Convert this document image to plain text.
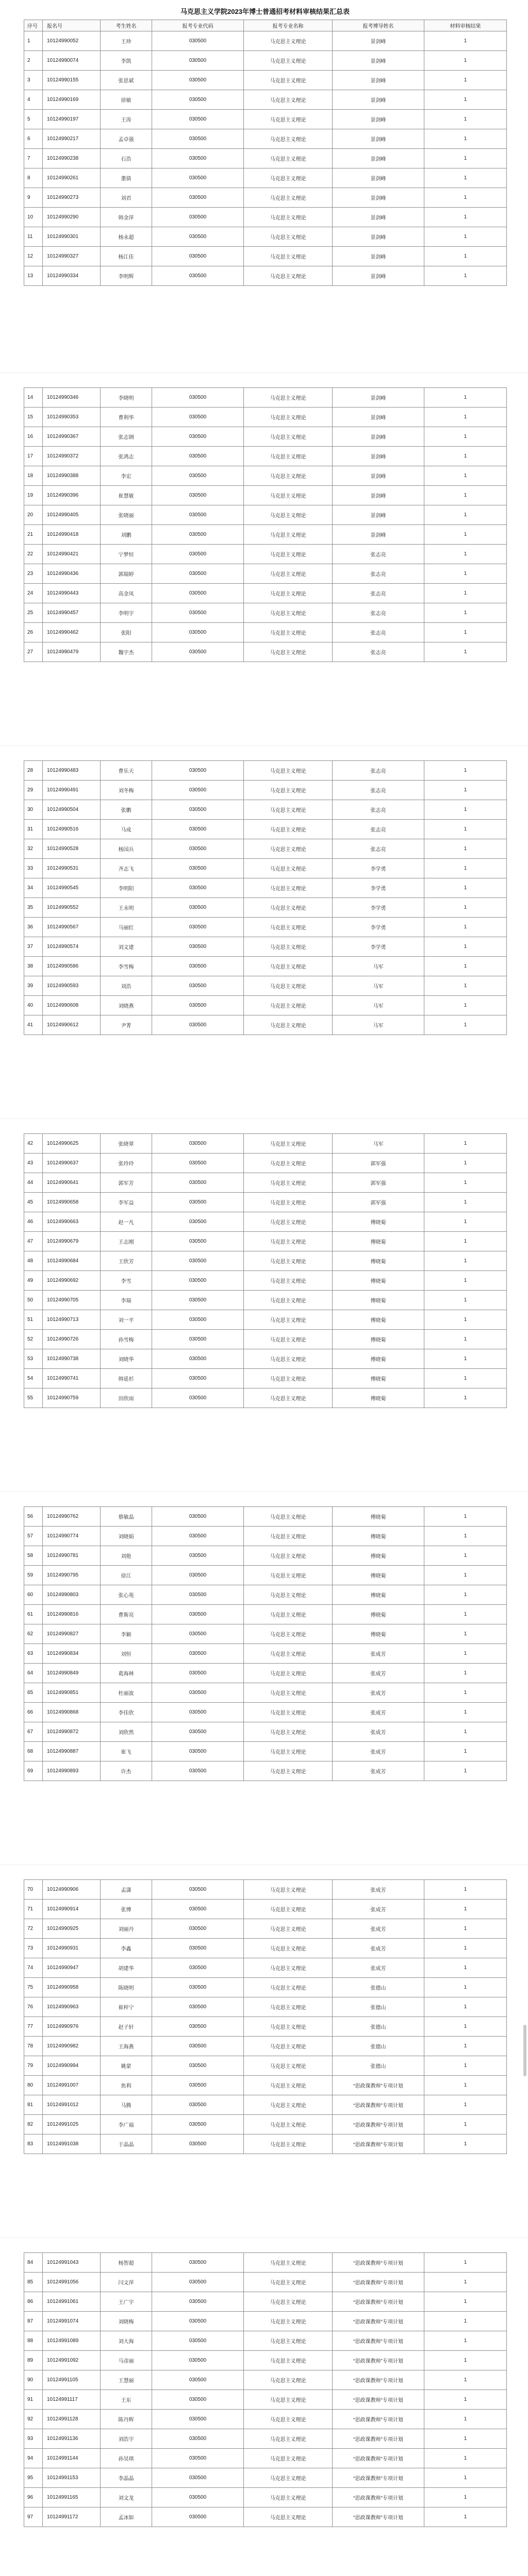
马克思主义学院2023年博士普通招考材料审核结果汇总表
序号	报名号	考生姓名	报考专业代码	报考专业名称	报考博导姓名	材料审核结果
1	10124990052	王珍	030500	马克思主义理论	景剑峰	1
2	10124990074	李凯	030500	马克思主义理论	景剑峰	1
3	10124990155	张思斌	030500	马克思主义理论	景剑峰	1
4	10124990169	徐敏	030500	马克思主义理论	景剑峰	1
5	10124990197	王涛	030500	马克思主义理论	景剑峰	1
6	10124990217	孟卓强	030500	马克思主义理论	景剑峰	1
7	10124990238	石浩	030500	马克思主义理论	景剑峰	1
8	10124990261	董倩	030500	马克思主义理论	景剑峰	1
9	10124990273	刘君	030500	马克思主义理论	景剑峰	1
10	10124990290	韩金萍	030500	马克思主义理论	景剑峰	1
11	10124990301	杨永超	030500	马克思主义理论	景剑峰	1
12	10124990327	杨江佳	030500	马克思主义理论	景剑峰	1
13	10124990334	李明辉	030500	马克思主义理论	景剑峰	1
14	10124990346	李晓明	030500	马克思主义理论	景剑峰	1
15	10124990353	曹利华	030500	马克思主义理论	景剑峰	1
16	10124990367	张志钢	030500	马克思主义理论	景剑峰	1
17	10124990372	张鸿志	030500	马克思主义理论	景剑峰	1
18	10124990388	李宏	030500	马克思主义理论	景剑峰	1
19	10124990396	崔慧敏	030500	马克思主义理论	景剑峰	1
20	10124990405	张晓丽	030500	马克思主义理论	景剑峰	1
21	10124990418	刘鹏	030500	马克思主义理论	景剑峰	1
22	10124990421	宁梦恒	030500	马克思主义理论	张志亮	1
23	10124990436	郭瑞婷	030500	马克思主义理论	张志亮	1
24	10124990443	高金凤	030500	马克思主义理论	张志亮	1
25	10124990457	李明宇	030500	马克思主义理论	张志亮	1
26	10124990462	张阳	030500	马克思主义理论	张志亮	1
27	10124990479	魏宇杰	030500	马克思主义理论	张志亮	1
28	10124990483	曹乐天	030500	马克思主义理论	张志亮	1
29	10124990491	刘冬梅	030500	马克思主义理论	张志亮	1
30	10124990504	张鹏	030500	马克思主义理论	张志亮	1
31	10124990516	马成	030500	马克思主义理论	张志亮	1
32	10124990528	杨国兵	030500	马克思主义理论	张志亮	1
33	10124990531	齐志飞	030500	马克思主义理论	李学勇	1
34	10124990545	李明阳	030500	马克思主义理论	李学勇	1
35	10124990552	王永明	030500	马克思主义理论	李学勇	1
36	10124990567	马丽红	030500	马克思主义理论	李学勇	1
37	10124990574	刘文建	030500	马克思主义理论	李学勇	1
38	10124990586	李雪梅	030500	马克思主义理论	马军	1
39	10124990593	刘浩	030500	马克思主义理论	马军	1
40	10124990608	刘晓燕	030500	马克思主义理论	马军	1
41	10124990612	尹菁	030500	马克思主义理论	马军	1
42	10124990625	张晓翠	030500	马克思主义理论	马军	1
43	10124990637	张玲玲	030500	马克思主义理论	郭军强	1
44	10124990641	郭军芳	030500	马克思主义理论	郭军强	1
45	10124990658	李军益	030500	马克思主义理论	郭军强	1
46	10124990663	赵一凡	030500	马克思主义理论	傅晓菊	1
47	10124990679	王志刚	030500	马克思主义理论	傅晓菊	1
48	10124990684	王欣芳	030500	马克思主义理论	傅晓菊	1
49	10124990692	李雪	030500	马克思主义理论	傅晓菊	1
50	10124990705	李瑞	030500	马克思主义理论	傅晓菊	1
51	10124990713	刘一平	030500	马克思主义理论	傅晓菊	1
52	10124990726	孙雪梅	030500	马克思主义理论	傅晓菊	1
53	10124990738	刘晓华	030500	马克思主义理论	傅晓菊	1
54	10124990741	韩延杉	030500	马克思主义理论	傅晓菊	1
55	10124990759	田欣雨	030500	马克思主义理论	傅晓菊	1
56	10124990762	蔡敏晶	030500	马克思主义理论	傅晓菊	1
57	10124990774	刘晓娟	030500	马克思主义理论	傅晓菊	1
58	10124990781	刘艳	030500	马克思主义理论	傅晓菊	1
59	10124990795	徐江	030500	马克思主义理论	傅晓菊	1
60	10124990803	张心苑	030500	马克思主义理论	傅晓菊	1
61	10124990816	曹斯亮	030500	马克思主义理论	傅晓菊	1
62	10124990827	李颖	030500	马克思主义理论	傅晓菊	1
63	10124990834	刘恒	030500	马克思主义理论	张成芳	1
64	10124990849	葛海林	030500	马克思主义理论	张成芳	1
65	10124990851	杜丽波	030500	马克思主义理论	张成芳	1
66	10124990868	李佳欣	030500	马克思主义理论	张成芳	1
67	10124990872	刘欣然	030500	马克思主义理论	张成芳	1
68	10124990887	崔飞	030500	马克思主义理论	张成芳	1
69	10124990893	许杰	030500	马克思主义理论	张成芳	1
70	10124990906	孟潇	030500	马克思主义理论	张成芳	1
71	10124990914	张博	030500	马克思主义理论	张成芳	1
72	10124990925	刘丽丹	030500	马克思主义理论	张成芳	1
73	10124990931	李鑫	030500	马克思主义理论	张成芳	1
74	10124990947	胡建华	030500	马克思主义理论	张成芳	1
75	10124990958	陈晓明	030500	马克思主义理论	张德山	1
76	10124990963	崔梓宁	030500	马克思主义理论	张德山	1
77	10124990976	赵子轩	030500	马克思主义理论	张德山	1
78	10124990982	王海燕	030500	马克思主义理论	张德山	1
79	10124990994	姚蒙	030500	马克思主义理论	张德山	1
80	10124991007	焦利	030500	马克思主义理论	“思政课教师”专项计划	1
81	10124991012	马腾	030500	马克思主义理论	“思政课教师”专项计划	1
82	10124991025	李广福	030500	马克思主义理论	“思政课教师”专项计划	1
83	10124991038	于晶晶	030500	马克思主义理论	“思政课教师”专项计划	1
84	10124991043	杨智超	030500	马克思主义理论	“思政课教师”专项计划	1
85	10124991056	闫文萍	030500	马克思主义理论	“思政课教师”专项计划	1
86	10124991061	王广宇	030500	马克思主义理论	“思政课教师”专项计划	1
87	10124991074	刘晓梅	030500	马克思主义理论	“思政课教师”专项计划	1
88	10124991089	刘大海	030500	马克思主义理论	“思政课教师”专项计划	1
89	10124991092	马彦丽	030500	马克思主义理论	“思政课教师”专项计划	1
90	10124991105	王慧丽	030500	马克思主义理论	“思政课教师”专项计划	1
91	10124991117	王东	030500	马克思主义理论	“思政课教师”专项计划	1
92	10124991128	陈丹辉	030500	马克思主义理论	“思政课教师”专项计划	1
93	10124991136	刘浩宇	030500	马克思主义理论	“思政课教师”专项计划	1
94	10124991144	孙昊琪	030500	马克思主义理论	“思政课教师”专项计划	1
95	10124991153	李晶晶	030500	马克思主义理论	“思政课教师”专项计划	1
96	10124991165	刘文龙	030500	马克思主义理论	“思政课教师”专项计划	1
97	10124991172	孟冰如	030500	马克思主义理论	“思政课教师”专项计划	1
